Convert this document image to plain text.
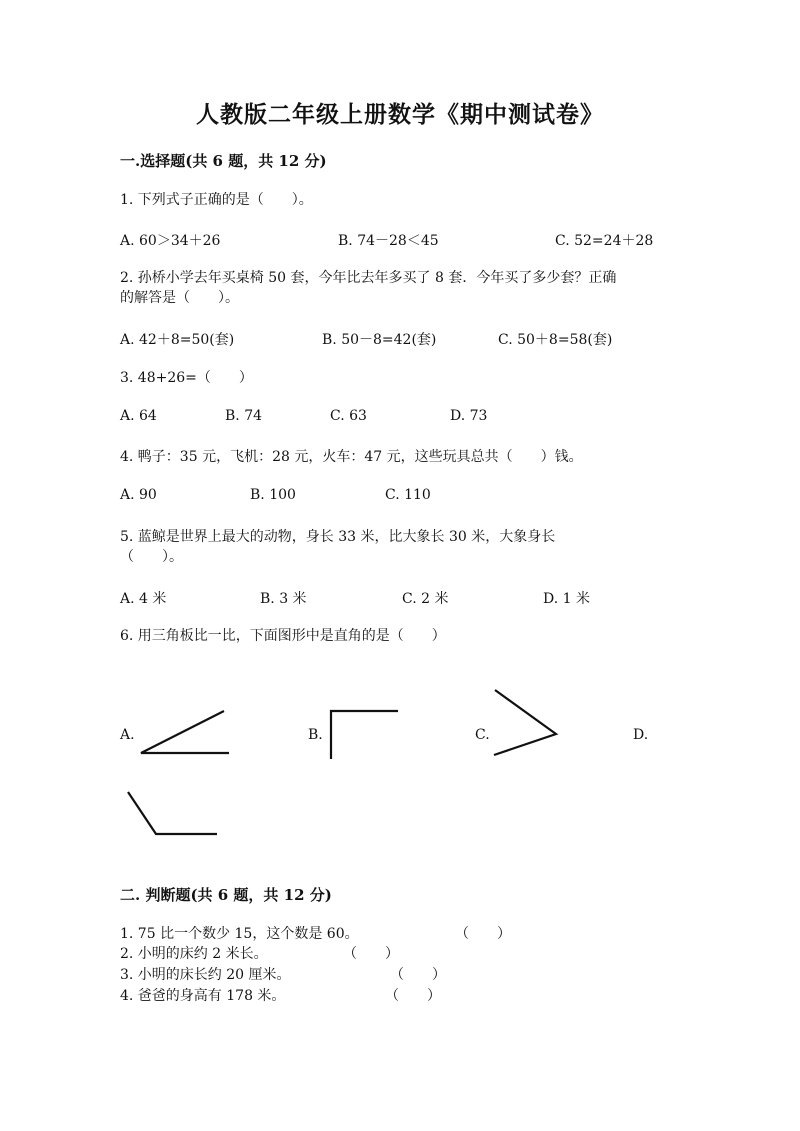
人教版二年级上册数学《期中测试卷》
一.选择题(共 6 题，共 12 分)
1. 下列式子正确的是（　　）。
A. 60＞34＋26	B. 74－28＜45	C. 52=24＋28
2. 孙桥小学去年买桌椅 50 套，今年比去年多买了 8 套．今年买了多少套？正确
的解答是（　　）。
A. 42＋8=50(套)	B. 50－8=42(套)	C. 50＋8=58(套)
3. 48+26=（　　）
A. 64	B. 74	C. 63	D. 73
4. 鸭子：35 元，飞机：28 元，火车：47 元，这些玩具总共（　　）钱。
A. 90	B. 100	C. 110
5. 蓝鲸是世界上最大的动物，身长 33 米，比大象长 30 米，大象身长
（　　）。
A. 4 米	B. 3 米	C. 2 米	D. 1 米
6. 用三角板比一比，下面图形中是直角的是（　　）
A.	B.	C.	D.
二. 判断题(共 6 题，共 12 分)
1. 75 比一个数少 15，这个数是 60。	（　　）
2. 小明的床约 2 米长。	（　　）
3. 小明的床长约 20 厘米。	（　　）
4. 爸爸的身高有 178 米。	（　　）
